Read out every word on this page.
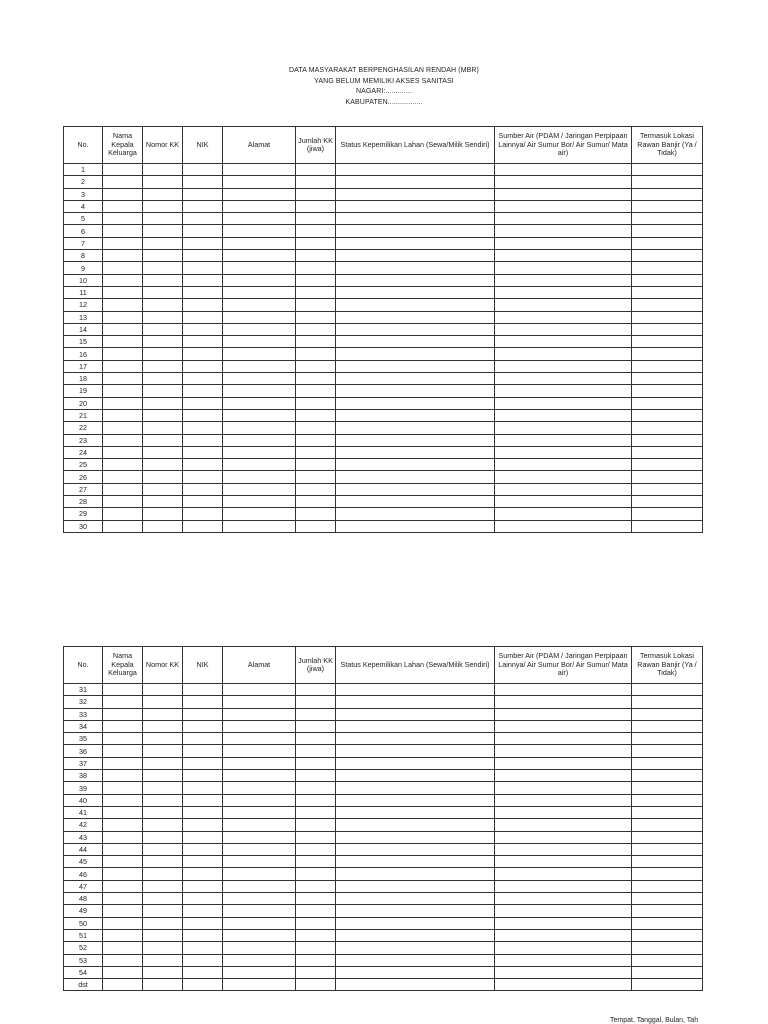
DATA MASYARAKAT BERPENGHASILAN RENDAH (MBR)
YANG BELUM MEMILIKI AKSES SANITASI
NAGARI:.............
KABUPATEN.................
No.	Nama Kepala Keluarga	Nomor KK	NIK	Alamat	Jumlah KK (jiwa)	Status Kepemilikan Lahan (Sewa/Milik Sendiri)	Sumber Air (PDAM / Jaringan Perpipaan Lainnya/ Air Sumur Bor/ Air Sumur/ Mata air)	Termasuk Lokasi Rawan Banjir (Ya / Tidak)
1								
2								
3								
4								
5								
6								
7								
8								
9								
10								
11								
12								
13								
14								
15								
16								
17								
18								
19								
20								
21								
22								
23								
24								
25								
26								
27								
28								
29								
30								
No.	Nama Kepala Keluarga	Nomor KK	NIK	Alamat	Jumlah KK (jiwa)	Status Kepemilikan Lahan (Sewa/Milik Sendiri)	Sumber Air (PDAM / Jaringan Perpipaan Lainnya/ Air Sumur Bor/ Air Sumur/ Mata air)	Termasuk Lokasi Rawan Banjir (Ya / Tidak)
31								
32								
33								
34								
35								
36								
37								
38								
39								
40								
41								
42								
43								
44								
45								
46								
47								
48								
49								
50								
51								
52								
53								
54								
dst								
Tempat, Tanggal, Bulan, Tah
